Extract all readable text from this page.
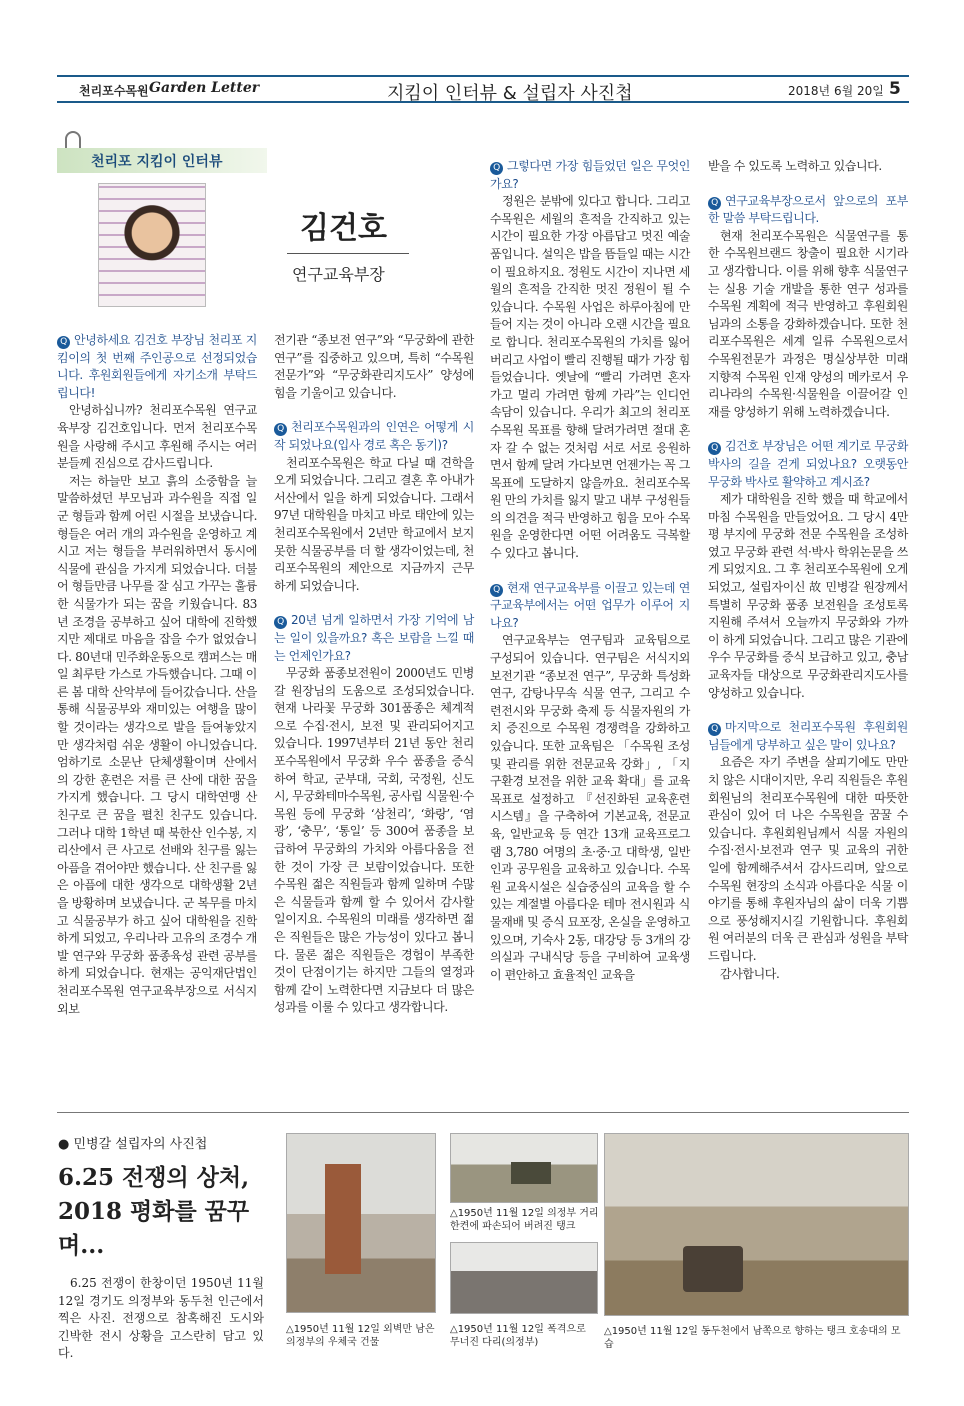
천리포수목원 Garden Letter	지킴이 인터뷰 & 설립자 사진첩	2018년 6월 20일 5
천리포 지킴이 인터뷰
김건호
연구교육부장
Q 안녕하세요 김건호 부장님 천리포 지킴이의 첫 번째 주인공으로 선정되었습니다. 후원회원들에게 자기소개 부탁드립니다!

안녕하십니까? 천리포수목원 연구교육부장 김건호입니다. 먼저 천리포수목원을 사랑해 주시고 후원해 주시는 여러분들께 진심으로 감사드립니다.

저는 하늘만 보고 흙의 소중함을 늘 말씀하셨던 부모님과 과수원을 직접 일군 형들과 함께 어린 시절을 보냈습니다. 형들은 여러 개의 과수원을 운영하고 계시고 저는 형들을 부러워하면서 동시에 식물에 관심을 가지게 되었습니다. 더불어 형들만큼 나무를 잘 심고 가꾸는 훌륭한 식물가가 되는 꿈을 키웠습니다. 83년 조경을 공부하고 싶어 대학에 진학했지만 제대로 마음을 잡을 수가 없었습니다. 80년대 민주화운동으로 캠퍼스는 매일 최루탄 가스로 가득했습니다. 그때 이른 봄 대학 산악부에 들어갔습니다. 산을 통해 식물공부와 재미있는 여행을 많이 할 것이라는 생각으로 발을 들여놓았지만 생각처럼 쉬운 생활이 아니었습니다. 엄하기로 소문난 단체생활이며 산에서의 강한 훈련은 저를 큰 산에 대한 꿈을 가지게 했습니다. 그 당시 대학연맹 산 친구로 큰 꿈을 펼친 친구도 있습니다. 그러나 대학 1학년 때 북한산 인수봉, 지리산에서 큰 사고로 선배와 친구를 잃는 아픔을 겪어야만 했습니다. 산 친구를 잃은 아픔에 대한 생각으로 대학생활 2년을 방황하며 보냈습니다. 군 복무를 마치고 식물공부가 하고 싶어 대학원을 진학하게 되었고, 우리나라 고유의 조경수 개발 연구와 무궁화 품종육성 관련 공부를 하게 되었습니다. 현재는 공익재단법인 천리포수목원 연구교육부장으로 서식지외보

전기관 “종보전 연구”와 “무궁화에 관한 연구”를 집중하고 있으며, 특히 “수목원전문가”와 “무궁화관리지도사” 양성에 힘을 기울이고 있습니다.

Q 천리포수목원과의 인연은 어떻게 시작 되었나요(입사 경로 혹은 동기)?

천리포수목원은 학교 다닐 때 견학을 오게 되었습니다. 그리고 결혼 후 아내가 서산에서 일을 하게 되었습니다. 그래서 97년 대학원을 마치고 바로 태안에 있는 천리포수목원에서 2년만 학교에서 보지 못한 식물공부를 더 할 생각이었는데, 천리포수목원의 제안으로 지금까지 근무하게 되었습니다.

Q 20년 넘게 일하면서 가장 기억에 남는 일이 있을까요? 혹은 보람을 느낄 때는 언제인가요?

무궁화 품종보전원이 2000년도 민병갈 원장님의 도움으로 조성되었습니다. 현재 나라꽃 무궁화 301품종은 체계적으로 수집·전시, 보전 및 관리되어지고 있습니다. 1997년부터 21년 동안 천리포수목원에서 무궁화 우수 품종을 증식하여 학교, 군부대, 국회, 국정원, 신도시, 무궁화테마수목원, 공사립 식물원·수목원 등에 무궁화 ‘삼천리’, ‘화랑’, ‘염광’, ‘충무’, ‘통일’ 등 300여 품종을 보급하여 무궁화의 가치와 아름다움을 전한 것이 가장 큰 보람이었습니다. 또한 수목원 젊은 직원들과 함께 일하며 수많은 식물들과 함께 할 수 있어서 감사할 일이지요. 수목원의 미래를 생각하면 젊은 직원들은 많은 가능성이 있다고 봅니다. 물론 젊은 직원들은 경험이 부족한 것이 단점이기는 하지만 그들의 열정과 함께 같이 노력한다면 지금보다 더 많은 성과를 이룰 수 있다고 생각합니다.

Q 그렇다면 가장 힘들었던 일은 무엇인가요?

정원은 분밖에 있다고 합니다. 그리고 수목원은 세월의 흔적을 간직하고 있는 시간이 필요한 가장 아름답고 멋진 예술품입니다. 설익은 밥을 뜸들일 때는 시간이 필요하지요. 정원도 시간이 지나면 세월의 흔적을 간직한 멋진 정원이 될 수 있습니다. 수목원 사업은 하루아침에 만들어 지는 것이 아니라 오랜 시간을 필요로 합니다. 천리포수목원의 가치를 잃어버리고 사업이 빨리 진행될 때가 가장 힘들었습니다. 옛날에 “빨리 가려면 혼자가고 멀리 가려면 함께 가라”는 인디언 속담이 있습니다. 우리가 최고의 천리포수목원 목표를 향해 달려가려면 절대 혼자 갈 수 없는 것처럼 서로 서로 응원하면서 함께 달려 가다보면 언젠가는 꼭 그 목표에 도달하지 않을까요. 천리포수목원 만의 가치를 잃지 말고 내부 구성원들의 의견을 적극 반영하고 힘을 모아 수목원을 운영한다면 어떤 어려움도 극복할 수 있다고 봅니다.

Q 현재 연구교육부를 이끌고 있는데 연구교육부에서는 어떤 업무가 이루어 지나요?

연구교육부는 연구팀과 교육팀으로 구성되어 있습니다. 연구팀은 서식지외보전기관 “종보전 연구”, 무궁화 특성화 연구, 감탕나무속 식물 연구, 그리고 수련전시와 무궁화 축제 등 식물자원의 가치 증진으로 수목원 경쟁력을 강화하고 있습니다. 또한 교육팀은 「수목원 조성 및 관리를 위한 전문교육 강화」, 「지구환경 보전을 위한 교육 확대」를 교육 목표로 설정하고 『선진화된 교육훈련 시스템』을 구축하여 기본교육, 전문교육, 일반교육 등 연간 13개 교육프로그램 3,780 여명의 초·중·고 대학생, 일반인과 공무원을 교육하고 있습니다. 수목원 교육시설은 실습중심의 교육을 할 수 있는 계절별 아름다운 테마 전시원과 식물재배 및 증식 묘포장, 온실을 운영하고 있으며, 기숙사 2동, 대강당 등 3개의 강의실과 구내식당 등을 구비하여 교육생이 편안하고 효율적인 교육을

받을 수 있도록 노력하고 있습니다.

Q 연구교육부장으로서 앞으로의 포부 한 말씀 부탁드립니다.

현재 천리포수목원은 식물연구를 통한 수목원브랜드 창출이 필요한 시기라고 생각합니다. 이를 위해 향후 식물연구는 실용 기술 개발을 통한 연구 성과를 수목원 계획에 적극 반영하고 후원회원님과의 소통을 강화하겠습니다. 또한 천리포수목원은 세계 일류 수목원으로서 수목원전문가 과정은 명실상부한 미래지향적 수목원 인재 양성의 메카로서 우리나라의 수목원·식물원을 이끌어갈 인재를 양성하기 위해 노력하겠습니다.

Q 김건호 부장님은 어떤 계기로 무궁화 박사의 길을 걷게 되었나요? 오랫동안 무궁화 박사로 활약하고 계시죠?

제가 대학원을 진학 했을 때 학교에서 마침 수목원을 만들었어요. 그 당시 4만평 부지에 무궁화 전문 수목원을 조성하였고 무궁화 관련 석·박사 학위논문을 쓰게 되었지요. 그 후 천리포수목원에 오게 되었고, 설립자이신 故 민병갈 원장께서 특별히 무궁화 품종 보전원을 조성토록 지원해 주셔서 오늘까지 무궁화와 가까이 하게 되었습니다. 그리고 많은 기관에 우수 무궁화를 증식 보급하고 있고, 충남교육자들 대상으로 무궁화관리지도사를 양성하고 있습니다.

Q 마지막으로 천리포수목원 후원회원님들에게 당부하고 싶은 말이 있나요?

요즘은 자기 주변을 살피기에도 만만치 않은 시대이지만, 우리 직원들은 후원회원님의 천리포수목원에 대한 따뜻한 관심이 있어 더 나은 수목원을 꿈꿀 수 있습니다. 후원회원님께서 식물 자원의 수집·전시·보전과 연구 및 교육의 귀한 일에 함께해주셔서 감사드리며, 앞으로 수목원 현장의 소식과 아름다운 식물 이야기를 통해 후원자님의 삶이 더욱 기쁨으로 풍성해지시길 기원합니다. 후원회원 여러분의 더욱 큰 관심과 성원을 부탁드립니다.

감사합니다.

● 민병갈 설립자의 사진첩
6.25 전쟁의 상처,
2018 평화를 꿈꾸며...
6.25 전쟁이 한창이던 1950년 11월 12일 경기도 의정부와 동두천 인근에서 찍은 사진. 전쟁으로 참혹해진 도시와 긴박한 전시 상황을 고스란히 담고 있다.
△1950년 11월 12일 외벽만 남은
의정부의 우체국 건물
△1950년 11월 12일 의정부 거리
한켠에 파손되어 버려진 탱크
△1950년 11월 12일 폭격으로
무너진 다리(의정부)
△1950년 11월 12일 동두천에서 남쪽으로 향하는 탱크 호송대의 모습
